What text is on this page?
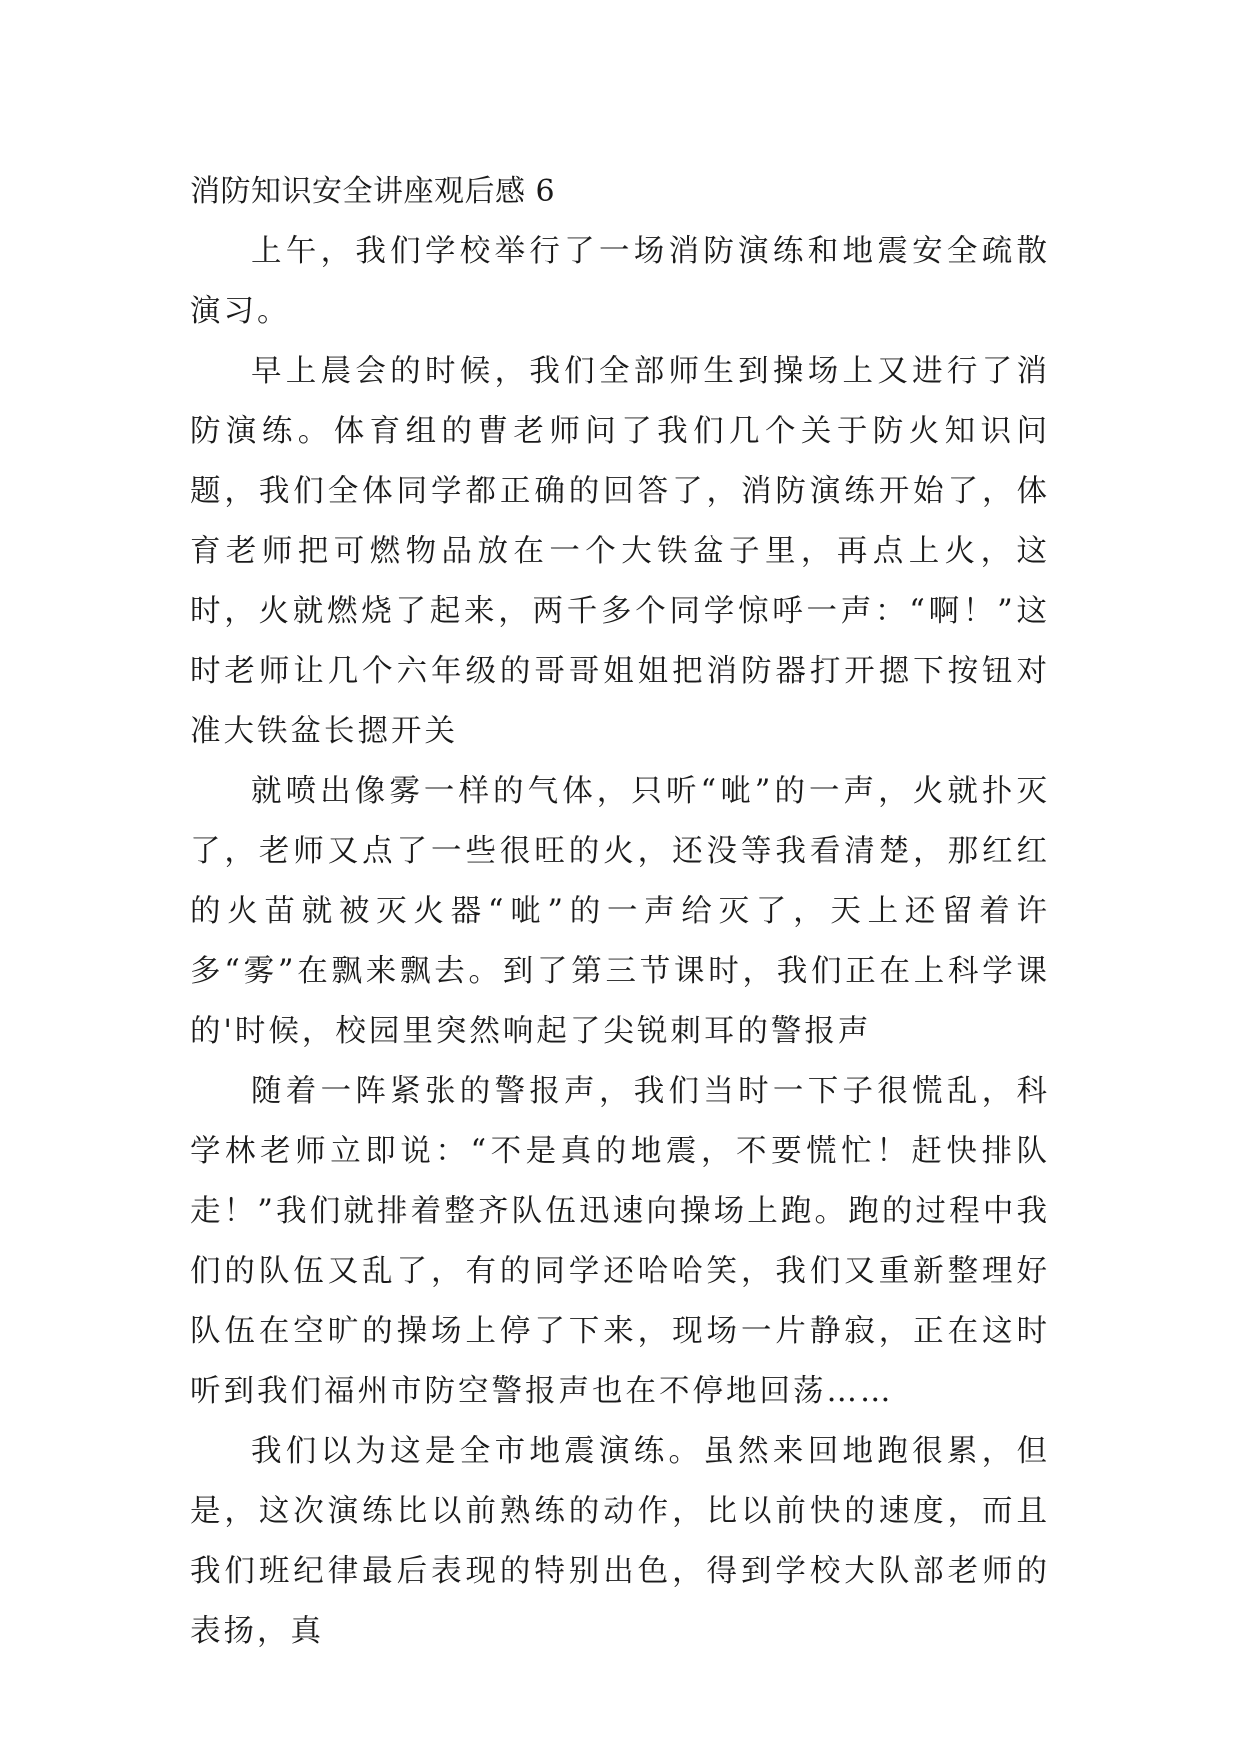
消防知识安全讲座观后感 6

上午，我们学校举行了一场消防演练和地震安全疏散演习。

早上晨会的时候，我们全部师生到操场上又进行了消防演练。体育组的曹老师问了我们几个关于防火知识问题，我们全体同学都正确的回答了，消防演练开始了，体育老师把可燃物品放在一个大铁盆子里，再点上火，这时，火就燃烧了起来，两千多个同学惊呼一声：“啊！”这时老师让几个六年级的哥哥姐姐把消防器打开摁下按钮对准大铁盆长摁开关

就喷出像雾一样的气体，只听“呲”的一声，火就扑灭了，老师又点了一些很旺的火，还没等我看清楚，那红红的火苗就被灭火器“呲”的一声给灭了，天上还留着许多“雾”在飘来飘去。到了第三节课时，我们正在上科学课的'时候，校园里突然响起了尖锐刺耳的警报声

随着一阵紧张的警报声，我们当时一下子很慌乱，科学林老师立即说：“不是真的地震，不要慌忙！赶快排队走！”我们就排着整齐队伍迅速向操场上跑。跑的过程中我们的队伍又乱了，有的同学还哈哈笑，我们又重新整理好队伍在空旷的操场上停了下来，现场一片静寂，正在这时听到我们福州市防空警报声也在不停地回荡……

我们以为这是全市地震演练。虽然来回地跑很累，但是，这次演练比以前熟练的动作，比以前快的速度，而且我们班纪律最后表现的特别出色，得到学校大队部老师的表扬，真
